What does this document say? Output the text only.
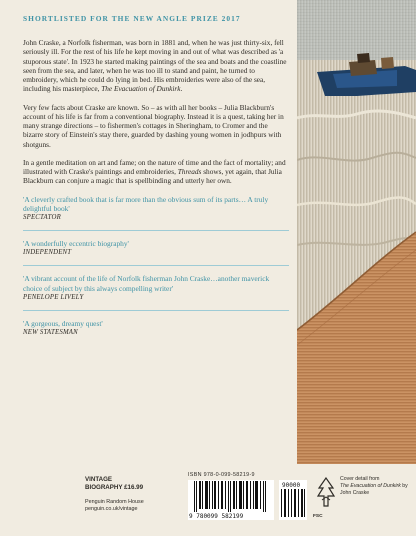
SHORTLISTED FOR THE NEW ANGLE PRIZE 2017

John Craske, a Norfolk fisherman, was born in 1881 and, when he was just thirty-six, fell seriously ill. For the rest of his life he kept moving in and out of what was described as 'a stuporous state'. In 1923 he started making paintings of the sea and boats and the coastline seen from the sea, and later, when he was too ill to stand and paint, he turned to embroidery, which he could do lying in bed. His embroideries were also of the sea, including his masterpiece, The Evacuation of Dunkirk.

Very few facts about Craske are known. So – as with all her books – Julia Blackburn's account of his life is far from a conventional biography. Instead it is a quest, taking her in many strange directions – to fishermen's cottages in Sheringham, to Cromer and the bizarre story of Einstein's stay there, guarded by dashing young women in jodhpurs with shotguns.

In a gentle meditation on art and fame; on the nature of time and the fact of mortality; and illustrated with Craske's paintings and embroideries, Threads shows, yet again, that Julia Blackburn can conjure a magic that is spellbinding and utterly her own.

'A cleverly crafted book that is far more than the obvious sum of its parts… A truly delightful book'
SPECTATOR
'A wonderfully eccentric biography'
INDEPENDENT
'A vibrant account of the life of Norfolk fisherman John Craske…another maverick choice of subject by this always compelling writer'
PENELOPE LIVELY
'A gorgeous, dreamy quest'
NEW STATESMAN
VINTAGE
BIOGRAPHY £16.99
Penguin Random House
penguin.co.uk/vintage
ISBN 978-0-099-58219-9
9 780099 582199
90000
FSC
Cover detail from
The Evacuation of Dunkirk by John Craske
